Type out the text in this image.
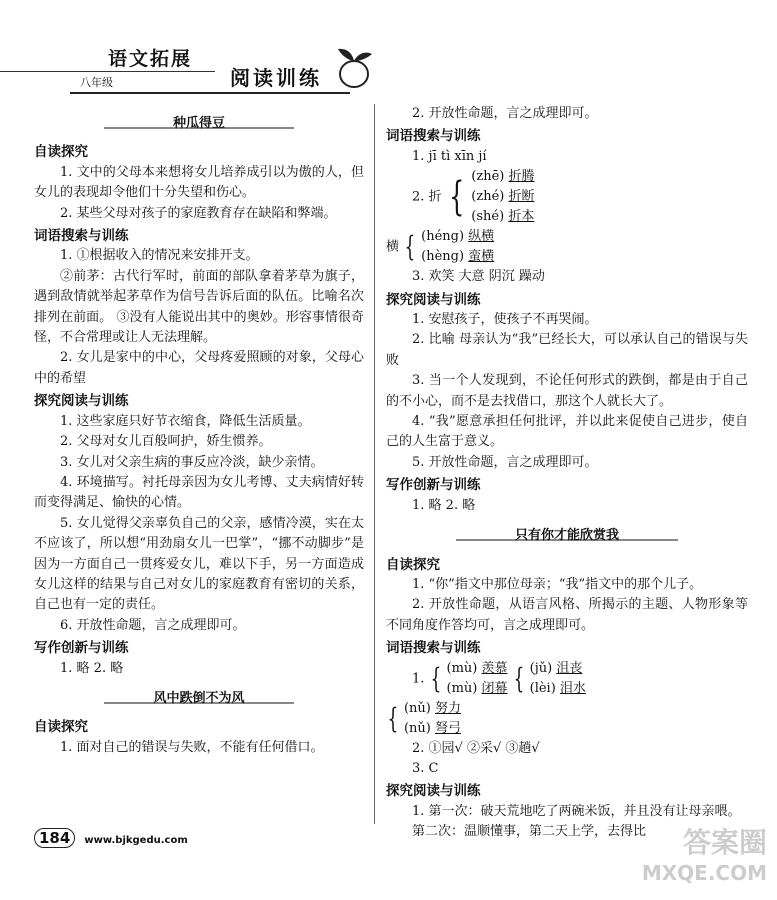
语文拓展
八年级	阅读训练
种瓜得豆
自读探究

1. 文中的父母本来想将女儿培养成引以为傲的人，但女儿的表现却令他们十分失望和伤心。

2. 某些父母对孩子的家庭教育存在缺陷和弊端。

词语搜索与训练

1. ①根据收入的情况来安排开支。

②前茅：古代行军时，前面的部队拿着茅草为旗子，遇到敌情就举起茅草作为信号告诉后面的队伍。比喻名次排列在前面。 ③没有人能说出其中的奥妙。形容事情很奇怪，不合常理或让人无法理解。

2. 女儿是家中的中心，父母疼爱照顾的对象，父母心中的希望

探究阅读与训练

1. 这些家庭只好节衣缩食，降低生活质量。

2. 父母对女儿百般呵护，娇生惯养。

3. 女儿对父亲生病的事反应冷淡，缺少亲情。

4. 环境描写。衬托母亲因为女儿考博、丈夫病情好转而变得满足、愉快的心情。

5. 女儿觉得父亲辜负自己的父亲，感情冷漠，实在太不应该了，所以想“用劲扇女儿一巴掌”，“挪不动脚步”是因为一方面自己一贯疼爱女儿，难以下手，另一方面造成女儿这样的结果与自己对女儿的家庭教育有密切的关系，自己也有一定的责任。

6. 开放性命题，言之成理即可。

写作创新与训练

1. 略 2. 略

风中跌倒不为风
自读探究

1. 面对自己的错误与失败，不能有任何借口。

2. 开放性命题，言之成理即可。

词语搜索与训练

1. jī tì xīn jí

2. 折 { (zhē) 折腾
(zhé) 折断
(shé) 折本
横 { (héng) 纵横
(hèng) 蛮横

3. 欢笑 大意 阴沉 躁动

探究阅读与训练

1. 安慰孩子，使孩子不再哭闹。

2. 比喻 母亲认为“我”已经长大，可以承认自己的错误与失败

3. 当一个人发现到，不论任何形式的跌倒，都是由于自己的不小心，而不是去找借口，那这个人就长大了。

4. “我”愿意承担任何批评，并以此来促使自己进步，使自己的人生富于意义。

5. 开放性命题，言之成理即可。

写作创新与训练

1. 略 2. 略

只有你才能欣赏我
自读探究

1. “你”指文中那位母亲；“我”指文中的那个儿子。

2. 开放性命题，从语言风格、所揭示的主题、人物形象等不同角度作答均可，言之成理即可。

词语搜索与训练
1. { (mù) 羡慕
(mù) 闭幕 { (jǔ) 沮丧
(lèi) 泪水
{ (nǔ) 努力
(nǔ) 弩弓

2. ①园√ ②采√ ③趟√

3. C

探究阅读与训练

1. 第一次：破天荒地吃了两碗米饭，并且没有让母亲喂。

第二次：温顺懂事，第二天上学，去得比

184 www.bjkgedu.com	答案圈
MXQE.COM
